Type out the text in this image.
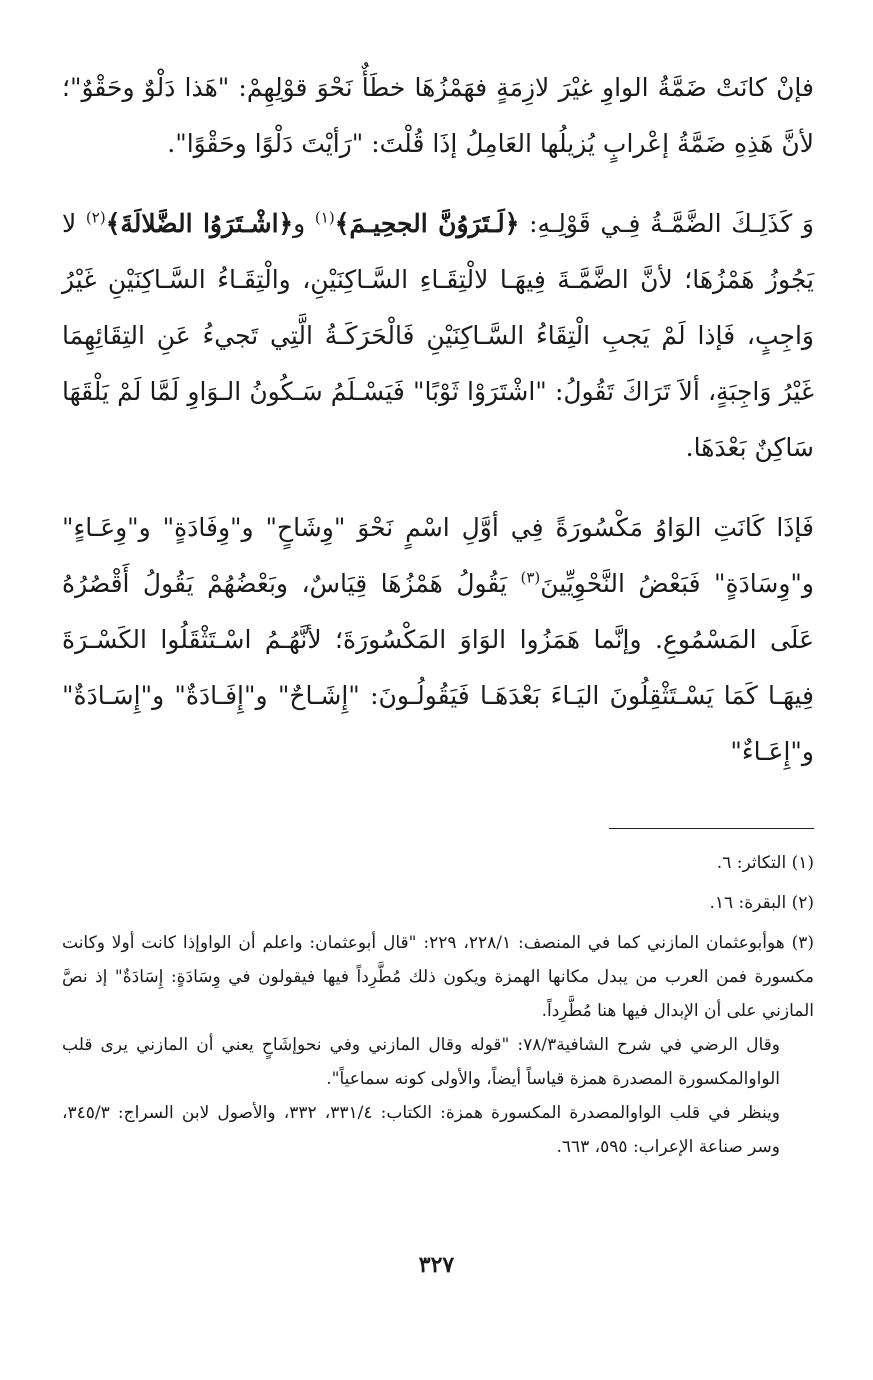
فإنْ كانَتْ ضَمَّةُ الواوِ غيْرَ لازِمَةٍ فهَمْزُهَا خطَأٌ نَحْوَ قوْلِهِمْ: "هَذا دَلْوٌ وحَقْوٌ"؛ لأنَّ هَذِهِ ضَمَّةُ إعْرابٍ يُزيلُها العَامِلُ إذَا قُلْتَ: "رَأيْتَ دَلْوًا وحَقْوًا".

وَ كَذَلِـكَ الضَّمَّـةُ فِـي قَوْلِـهِ: ﴿لَـتَرَوُنَّ الجحِيـمَ﴾$^{(١)}$ و﴿اشْـتَرَوُا الضَّلالَةَ﴾$^{(٢)}$ لا يَجُوزُ هَمْزُهَا؛ لأنَّ الضَّمَّـةَ فِيهَـا لالْتِقَـاءِ السَّـاكِنَيْنِ، والْتِقَـاءُ السَّـاكِنَيْنِ غَيْرُ وَاجِبٍ، فَإذا لَمْ يَجبِ الْتِقَاءُ السَّـاكِنَيْنِ فَالْحَرَكَـةُ الَّتِي تَجيءُ عَنِ التِقَائِهِمَا غَيْرُ وَاجِبَةٍ، ألاَ تَرَاكَ تَقُولُ: "اشْتَرَوْا ثَوْبًا" فَيَسْـلَمُ سَـكُونُ الـوَاوِ لَمَّا لَمْ يَلْقَهَا سَاكِنٌ بَعْدَهَا.

فَإذَا كَانَتِ الوَاوُ مَكْسُورَةً فِي أوَّلِ اسْمٍ نَحْوَ "وِشَاحٍ" و"وِفَادَةٍ" و"وِعَـاءٍ" و"وِسَادَةٍ" فَبَعْضُ النَّحْوِيِّينَ$^{(٣)}$ يَقُولُ هَمْزُهَا قِيَاسٌ، وبَعْضُهُمْ يَقُولُ أَقْصُرُهُ عَلَى المَسْمُوعِ. وإنَّما هَمَزُوا الوَاوَ المَكْسُورَةَ؛ لأنَّهُـمُ اسْـتَثْقَلُوا الكَسْـرَةَ فِيهَـا كَمَا يَسْـتَثْقِلُونَ اليَـاءَ بَعْدَهَـا فَيَقُولُـونَ: "إِشَـاحٌ" و"إِفَـادَةٌ" و"إِسَـادَةٌ" و"إِعَـاءٌ"

(١) التكاثر: ٦.

(٢) البقرة: ١٦.

(٣) هوأبوعثمان المازني كما في المنصف: ٢٢٨/١، ٢٢٩: "قال أبوعثمان: واعلم أن الواوإذا كانت أولا وكانت مكسورة فمن العرب من يبدل مكانها الهمزة ويكون ذلك مُطَّرِداً فيها فيقولون في وِسَادَةٍ: إِسَادَةٌ" إذ نصَّ المازني على أن الإبدال فيها هنا مُطَّرِداً.

وقال الرضي في شرح الشافية٧٨/٣: "قوله وقال المازني وفي نحوإشَاحٍ يعني أن المازني يرى قلب الواوالمكسورة المصدرة همزة قياساً أيضاً، والأولى كونه سماعياً".

وينظر في قلب الواوالمصدرة المكسورة همزة: الكتاب: ٣٣١/٤، ٣٣٢، والأصول لابن السراج: ٣٤٥/٣، وسر صناعة الإعراب: ٥٩٥، ٦٦٣.

٣٢٧
